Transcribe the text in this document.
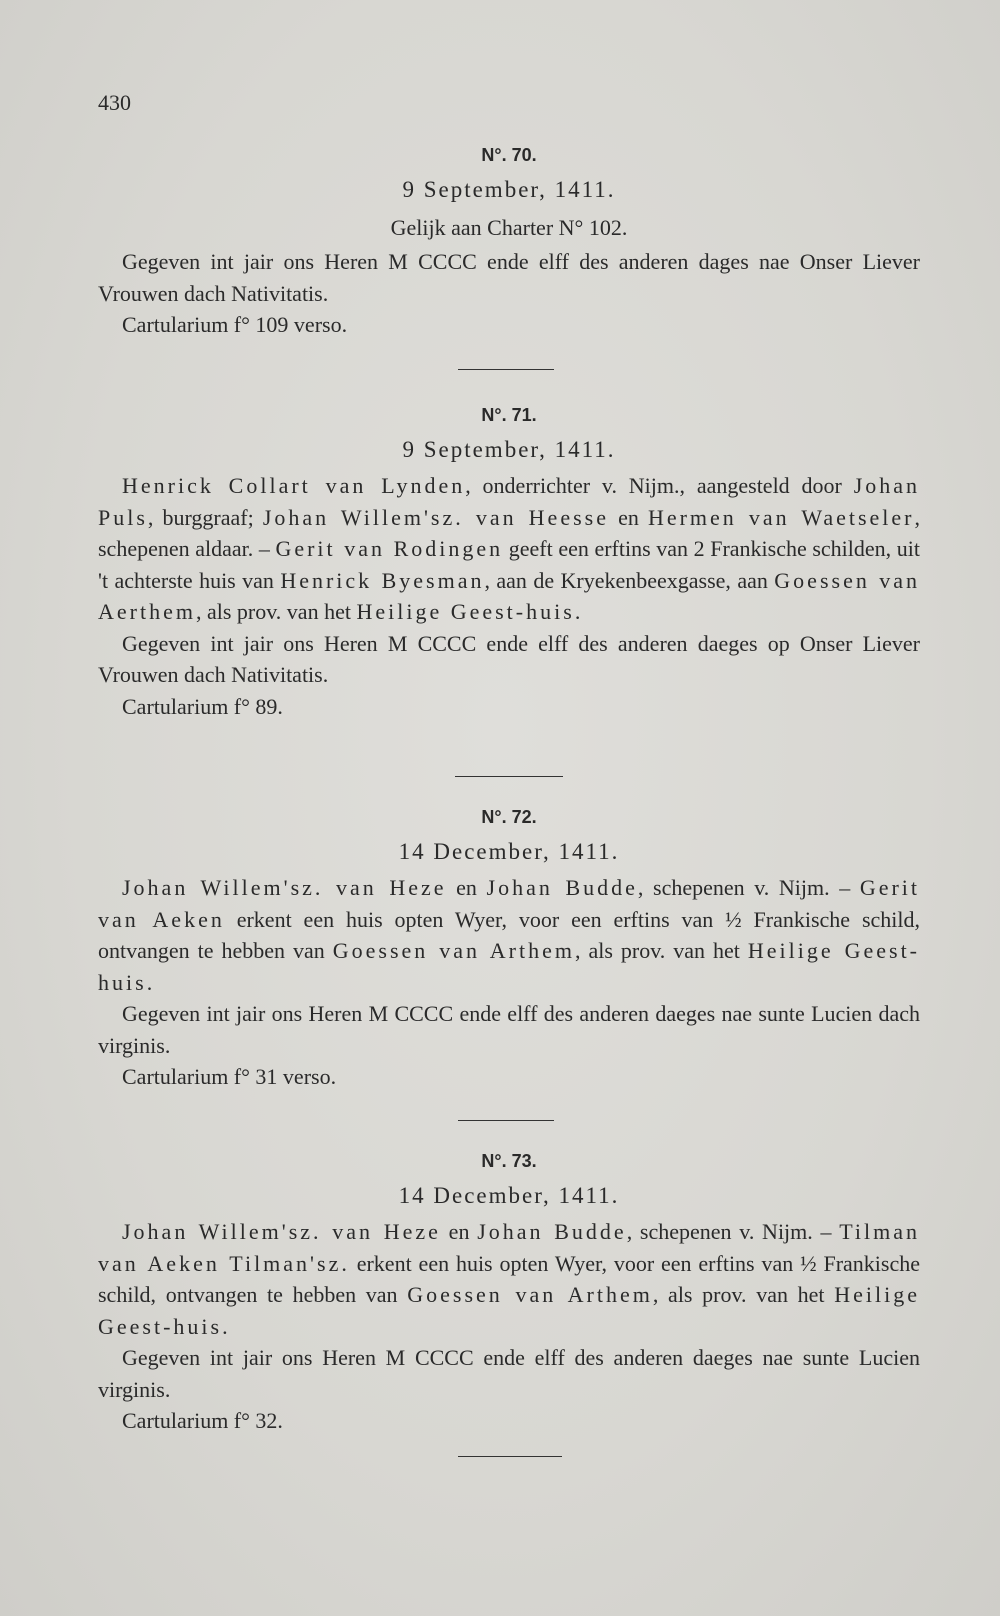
430
N°. 70.
9 September, 1411.
Gelijk aan Charter N° 102.

Gegeven int jair ons Heren M CCCC ende elff des anderen dages nae Onser Liever Vrouwen dach Nativitatis.

Cartularium f° 109 verso.

N°. 71.
9 September, 1411.

Henrick Collart van Lynden, onderrichter v. Nijm., aangesteld door Johan Puls, burggraaf; Johan Willem'sz. van Heesse en Hermen van Waetseler, schepenen aldaar. – Gerit van Rodingen geeft een erftins van 2 Frankische schilden, uit 't achterste huis van Henrick Byesman, aan de Kryekenbeexgasse, aan Goessen van Aerthem, als prov. van het Heilige Geest-huis.

Gegeven int jair ons Heren M CCCC ende elff des anderen daeges op Onser Liever Vrouwen dach Nativitatis.

Cartularium f° 89.

N°. 72.
14 December, 1411.

Johan Willem'sz. van Heze en Johan Budde, schepenen v. Nijm. – Gerit van Aeken erkent een huis opten Wyer, voor een erftins van ½ Frankische schild, ontvangen te hebben van Goessen van Arthem, als prov. van het Heilige Geest-huis.

Gegeven int jair ons Heren M CCCC ende elff des anderen daeges nae sunte Lucien dach virginis.

Cartularium f° 31 verso.

N°. 73.
14 December, 1411.

Johan Willem'sz. van Heze en Johan Budde, schepenen v. Nijm. – Tilman van Aeken Tilman'sz. erkent een huis opten Wyer, voor een erftins van ½ Frankische schild, ontvangen te hebben van Goessen van Arthem, als prov. van het Heilige Geest-huis.

Gegeven int jair ons Heren M CCCC ende elff des anderen daeges nae sunte Lucien virginis.

Cartularium f° 32.
